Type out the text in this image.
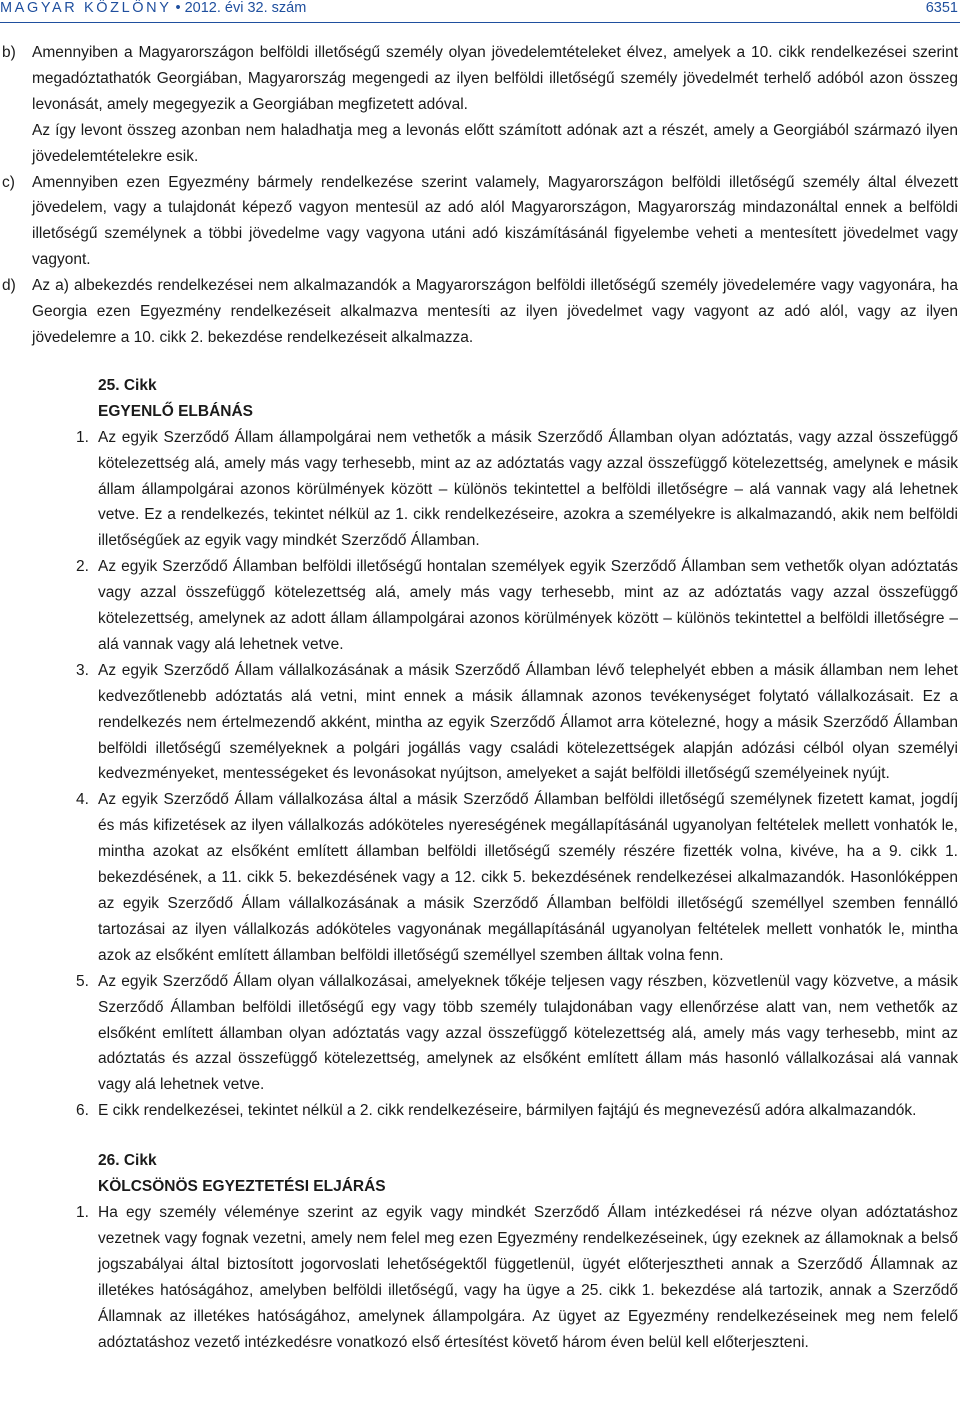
MAGYAR KÖZLÖNY • 2012. évi 32. szám	6351
b)	Amennyiben a Magyarországon belföldi illetőségű személy olyan jövedelemtételeket élvez, amelyek a 10. cikk rendelkezései szerint megadóztathatók Georgiában, Magyarország megengedi az ilyen belföldi illetőségű személy jövedelmét terhelő adóból azon összeg levonását, amely megegyezik a Georgiában megfizetett adóval.

Az így levont összeg azonban nem haladhatja meg a levonás előtt számított adónak azt a részét, amely a Georgiából származó ilyen jövedelemtételekre esik.

c)	Amennyiben ezen Egyezmény bármely rendelkezése szerint valamely, Magyarországon belföldi illetőségű személy által élvezett jövedelem, vagy a tulajdonát képező vagyon mentesül az adó alól Magyarországon, Magyarország mindazonáltal ennek a belföldi illetőségű személynek a többi jövedelme vagy vagyona utáni adó kiszámításánál figyelembe veheti a mentesített jövedelmet vagy vagyont.

d)	Az a) albekezdés rendelkezései nem alkalmazandók a Magyarországon belföldi illetőségű személy jövedelemére vagy vagyonára, ha Georgia ezen Egyezmény rendelkezéseit alkalmazva mentesíti az ilyen jövedelmet vagy vagyont az adó alól, vagy az ilyen jövedelemre a 10. cikk 2. bekezdése rendelkezéseit alkalmazza.

25. Cikk
EGYENLŐ ELBÁNÁS
1. Az egyik Szerződő Állam állampolgárai nem vethetők a másik Szerződő Államban olyan adóztatás, vagy azzal összefüggő kötelezettség alá, amely más vagy terhesebb, mint az az adóztatás vagy azzal összefüggő kötelezettség, amelynek e másik állam állampolgárai azonos körülmények között – különös tekintettel a belföldi illetőségre – alá vannak vagy alá lehetnek vetve. Ez a rendelkezés, tekintet nélkül az 1. cikk rendelkezéseire, azokra a személyekre is alkalmazandó, akik nem belföldi illetőségűek az egyik vagy mindkét Szerződő Államban.
2. Az egyik Szerződő Államban belföldi illetőségű hontalan személyek egyik Szerződő Államban sem vethetők olyan adóztatás vagy azzal összefüggő kötelezettség alá, amely más vagy terhesebb, mint az az adóztatás vagy azzal összefüggő kötelezettség, amelynek az adott állam állampolgárai azonos körülmények között – különös tekintettel a belföldi illetőségre – alá vannak vagy alá lehetnek vetve.
3. Az egyik Szerződő Állam vállalkozásának a másik Szerződő Államban lévő telephelyét ebben a másik államban nem lehet kedvezőtlenebb adóztatás alá vetni, mint ennek a másik államnak azonos tevékenységet folytató vállalkozásait. Ez a rendelkezés nem értelmezendő akként, mintha az egyik Szerződő Államot arra kötelezné, hogy a másik Szerződő Államban belföldi illetőségű személyeknek a polgári jogállás vagy családi kötelezettségek alapján adózási célból olyan személyi kedvezményeket, mentességeket és levonásokat nyújtson, amelyeket a saját belföldi illetőségű személyeinek nyújt.
4. Az egyik Szerződő Állam vállalkozása által a másik Szerződő Államban belföldi illetőségű személynek fizetett kamat, jogdíj és más kifizetések az ilyen vállalkozás adóköteles nyereségének megállapításánál ugyanolyan feltételek mellett vonhatók le, mintha azokat az elsőként említett államban belföldi illetőségű személy részére fizették volna, kivéve, ha a 9. cikk 1. bekezdésének, a 11. cikk 5. bekezdésének vagy a 12. cikk 5. bekezdésének rendelkezései alkalmazandók. Hasonlóképpen az egyik Szerződő Állam vállalkozásának a másik Szerződő Államban belföldi illetőségű személlyel szemben fennálló tartozásai az ilyen vállalkozás adóköteles vagyonának megállapításánál ugyanolyan feltételek mellett vonhatók le, mintha azok az elsőként említett államban belföldi illetőségű személlyel szemben álltak volna fenn.
5. Az egyik Szerződő Állam olyan vállalkozásai, amelyeknek tőkéje teljesen vagy részben, közvetlenül vagy közvetve, a másik Szerződő Államban belföldi illetőségű egy vagy több személy tulajdonában vagy ellenőrzése alatt van, nem vethetők az elsőként említett államban olyan adóztatás vagy azzal összefüggő kötelezettség alá, amely más vagy terhesebb, mint az adóztatás és azzal összefüggő kötelezettség, amelynek az elsőként említett állam más hasonló vállalkozásai alá vannak vagy alá lehetnek vetve.
6. E cikk rendelkezései, tekintet nélkül a 2. cikk rendelkezéseire, bármilyen fajtájú és megnevezésű adóra alkalmazandók.
26. Cikk
KÖLCSÖNÖS EGYEZTETÉSI ELJÁRÁS
1. Ha egy személy véleménye szerint az egyik vagy mindkét Szerződő Állam intézkedései rá nézve olyan adóztatáshoz vezetnek vagy fognak vezetni, amely nem felel meg ezen Egyezmény rendelkezéseinek, úgy ezeknek az államoknak a belső jogszabályai által biztosított jogorvoslati lehetőségektől függetlenül, ügyét előterjesztheti annak a Szerződő Államnak az illetékes hatóságához, amelyben belföldi illetőségű, vagy ha ügye a 25. cikk 1. bekezdése alá tartozik, annak a Szerződő Államnak az illetékes hatóságához, amelynek állampolgára. Az ügyet az Egyezmény rendelkezéseinek meg nem felelő adóztatáshoz vezető intézkedésre vonatkozó első értesítést követő három éven belül kell előterjeszteni.
